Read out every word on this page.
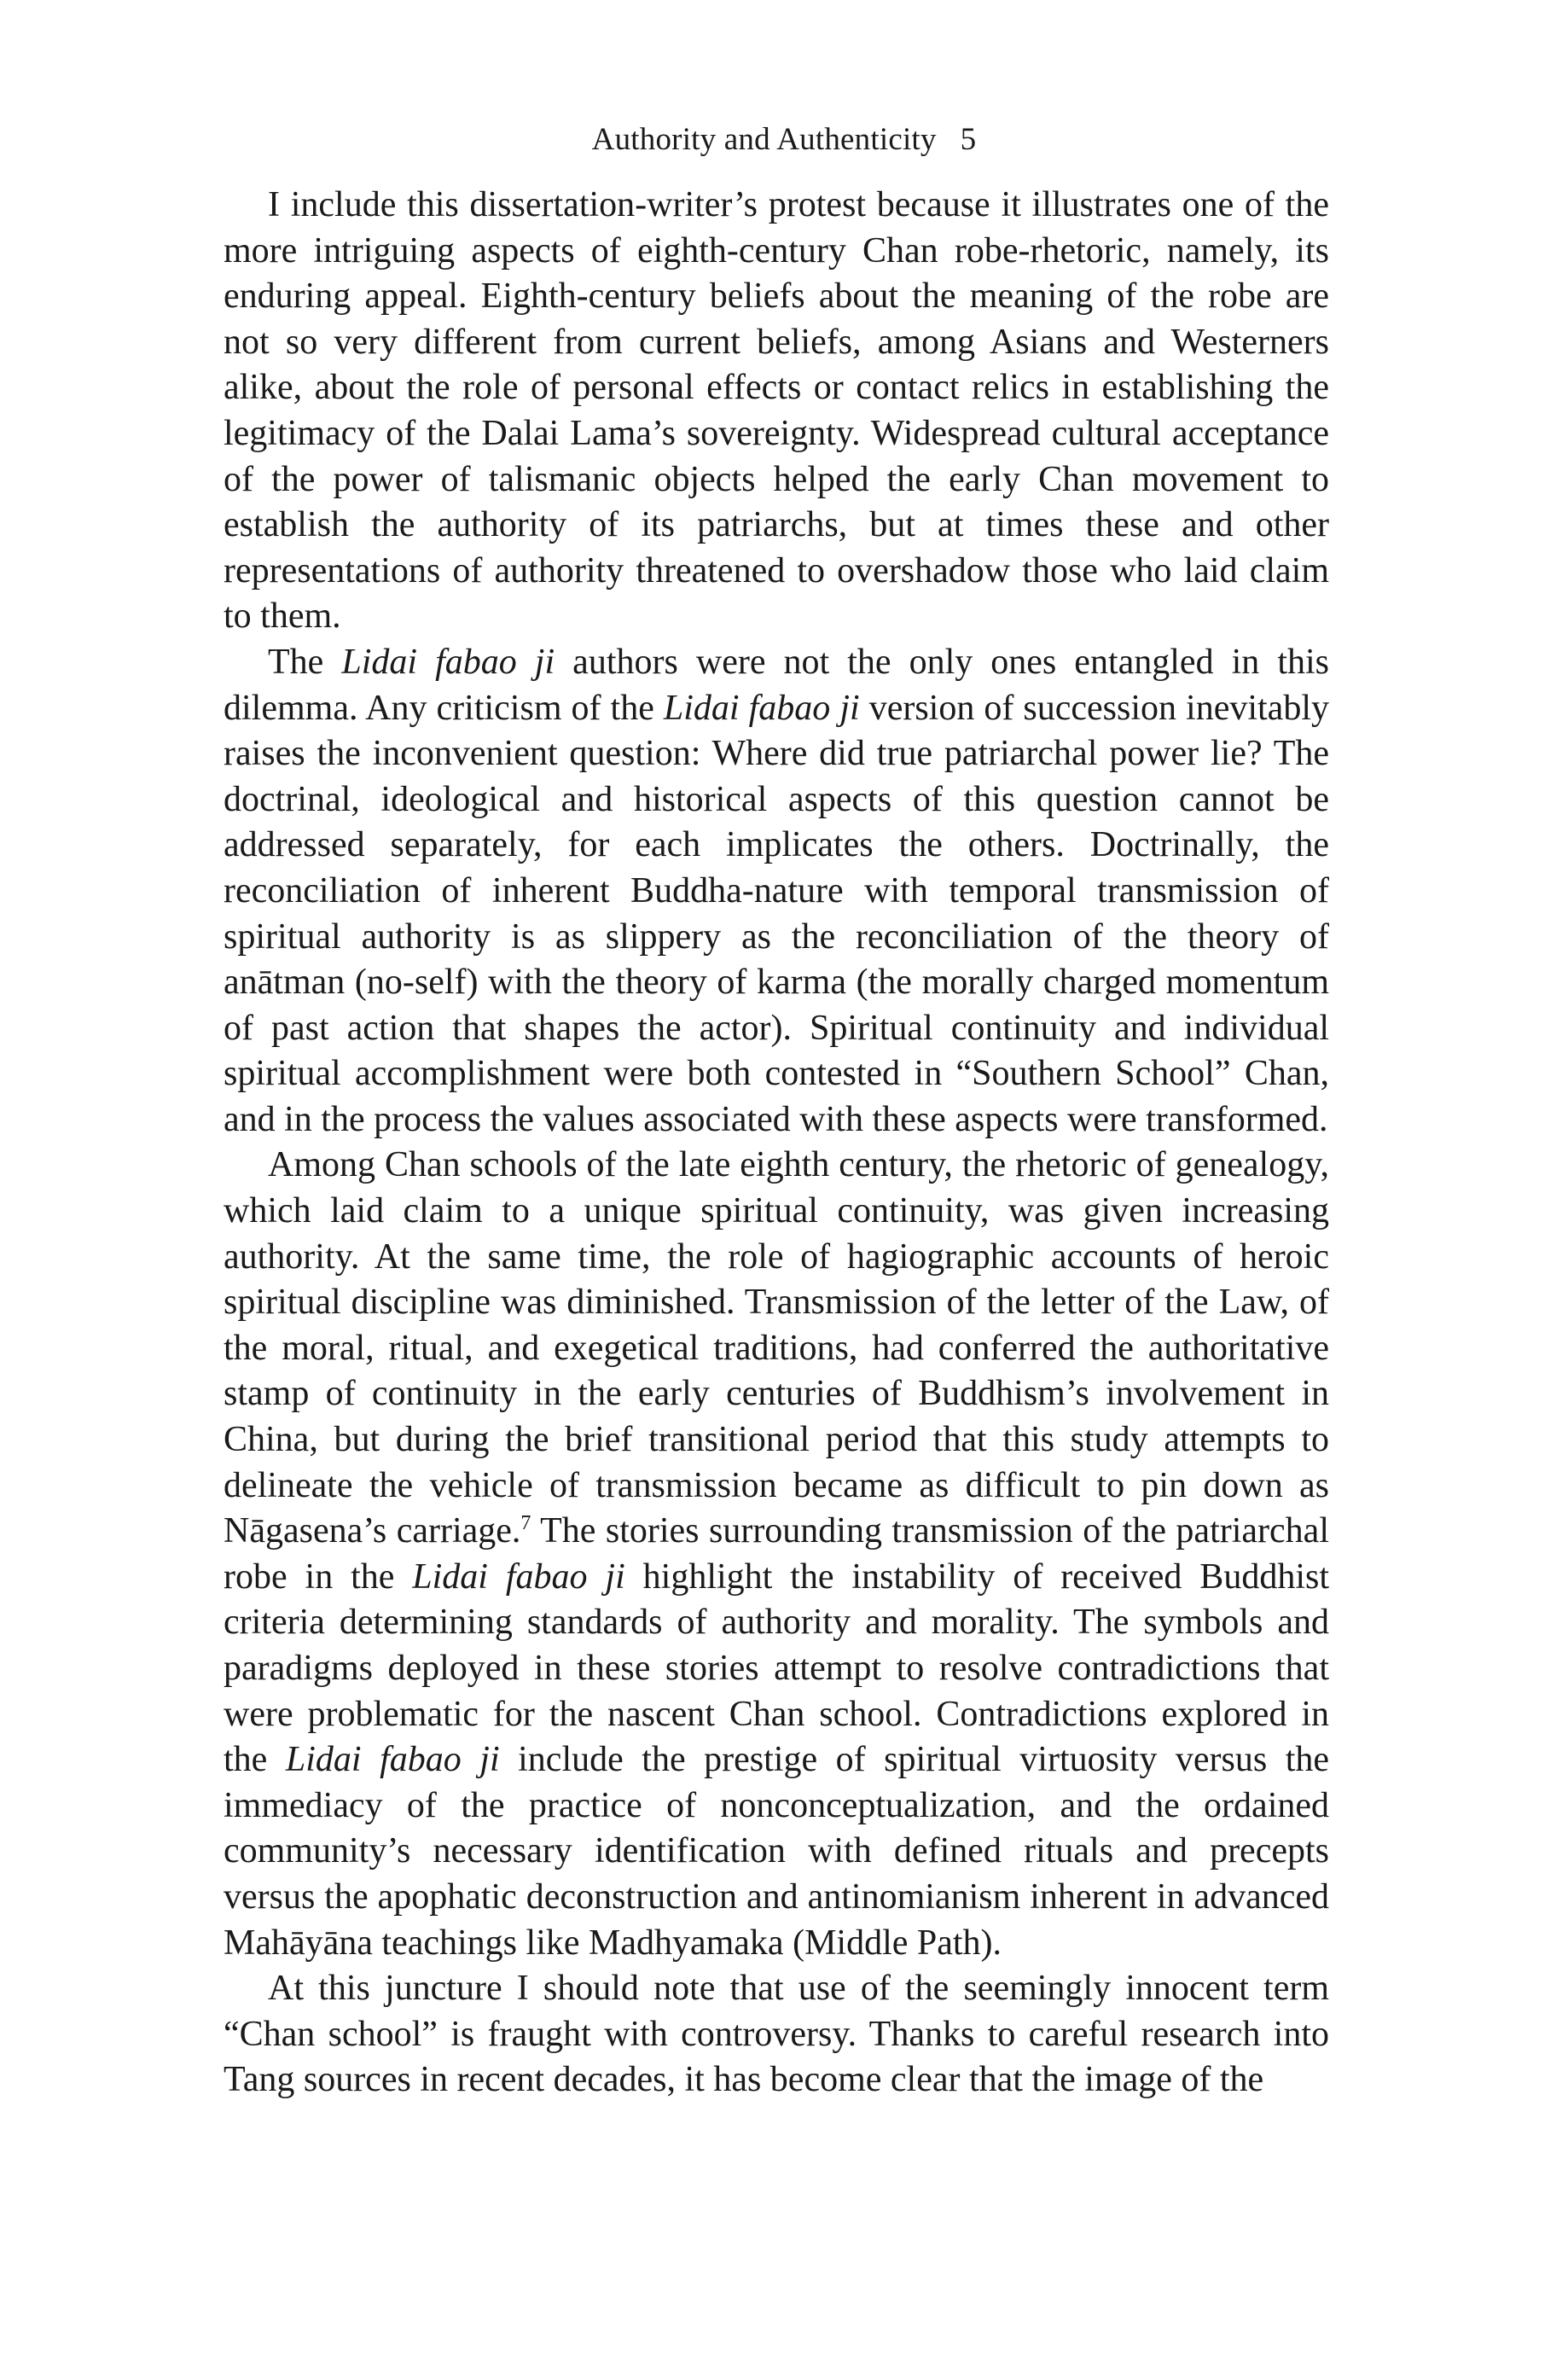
Authority and Authenticity 5

I include this dissertation-writer’s protest because it illustrates one of the more intriguing aspects of eighth-century Chan robe-rhetoric, namely, its enduring appeal. Eighth-century beliefs about the meaning of the robe are not so very different from current beliefs, among Asians and Westerners alike, about the role of personal effects or contact relics in establishing the legitimacy of the Dalai Lama’s sovereignty. Widespread cultural acceptance of the power of talismanic objects helped the early Chan movement to establish the authority of its patriarchs, but at times these and other representations of authority threatened to overshadow those who laid claim to them.

The Lidai fabao ji authors were not the only ones entangled in this dilemma. Any criticism of the Lidai fabao ji version of succession inevitably raises the inconvenient question: Where did true patriarchal power lie? The doctrinal, ideological and historical aspects of this question cannot be addressed separately, for each implicates the others. Doctrinally, the reconciliation of inherent Buddha-nature with temporal transmission of spiritual authority is as slippery as the reconciliation of the theory of anātman (no-self) with the theory of karma (the morally charged momentum of past action that shapes the actor). Spiritual continuity and individual spiritual accomplishment were both contested in “Southern School” Chan, and in the process the values associated with these aspects were transformed.

Among Chan schools of the late eighth century, the rhetoric of genealogy, which laid claim to a unique spiritual continuity, was given increasing authority. At the same time, the role of hagiographic accounts of heroic spiritual discipline was diminished. Transmission of the letter of the Law, of the moral, ritual, and exegetical traditions, had conferred the authoritative stamp of continuity in the early centuries of Buddhism’s involvement in China, but during the brief transitional period that this study attempts to delineate the vehicle of transmission became as difficult to pin down as Nāgasena’s carriage.$^7$ The stories surrounding transmission of the patriarchal robe in the Lidai fabao ji highlight the instability of received Buddhist criteria determining standards of authority and morality. The symbols and paradigms deployed in these stories attempt to resolve contradictions that were problematic for the nascent Chan school. Contradictions explored in the Lidai fabao ji include the prestige of spiritual virtuosity versus the immediacy of the practice of nonconceptualization, and the ordained community’s necessary identification with defined rituals and precepts versus the apophatic deconstruction and antinomianism inherent in advanced Mahāyāna teachings like Madhyamaka (Middle Path).

At this juncture I should note that use of the seemingly innocent term “Chan school” is fraught with controversy. Thanks to careful research into Tang sources in recent decades, it has become clear that the image of the
